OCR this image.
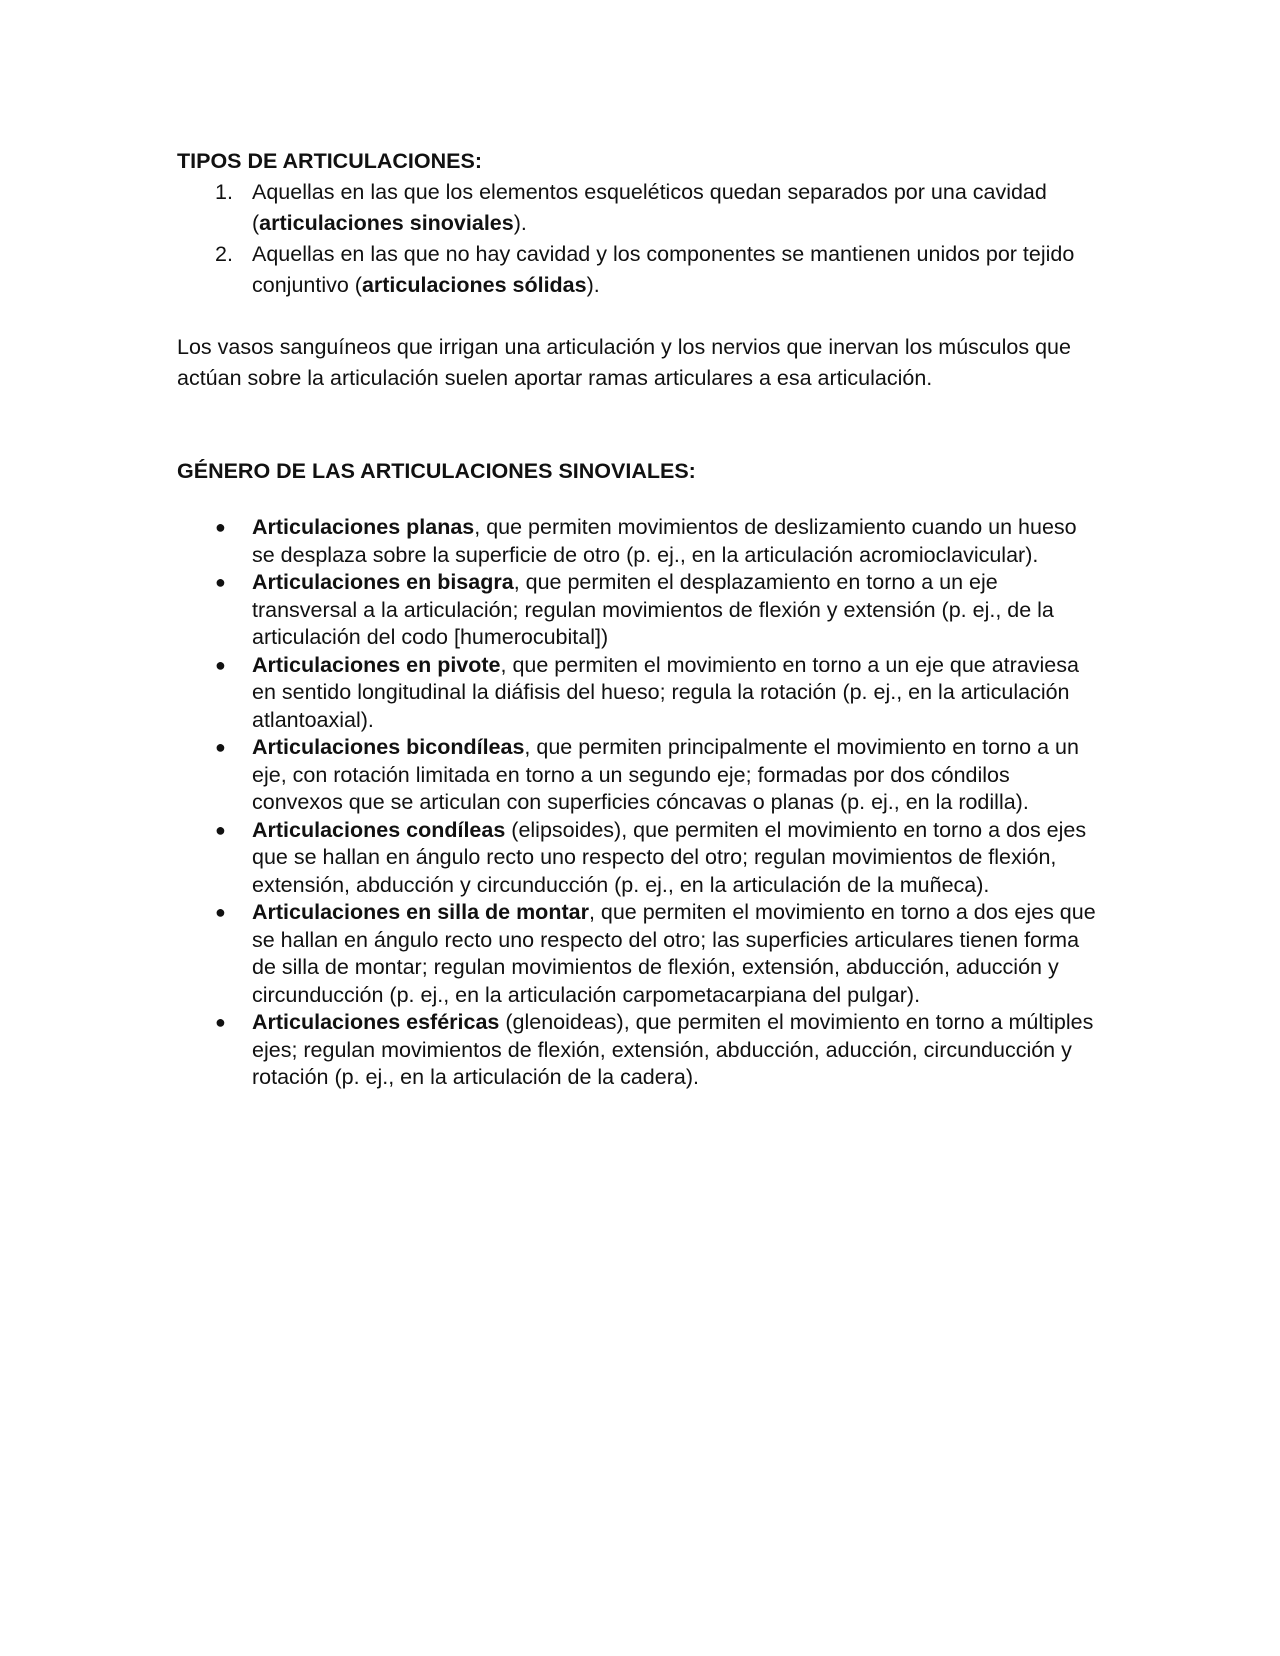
TIPOS DE ARTICULACIONES:

1. Aquellas en las que los elementos esqueléticos quedan separados por una cavidad (articulaciones sinoviales).
2. Aquellas en las que no hay cavidad y los componentes se mantienen unidos por tejido conjuntivo (articulaciones sólidas).

Los vasos sanguíneos que irrigan una articulación y los nervios que inervan los músculos que actúan sobre la articulación suelen aportar ramas articulares a esa articulación.

GÉNERO DE LAS ARTICULACIONES SINOVIALES:

● Articulaciones planas, que permiten movimientos de deslizamiento cuando un hueso se desplaza sobre la superficie de otro (p. ej., en la articulación acromioclavicular).
● Articulaciones en bisagra, que permiten el desplazamiento en torno a un eje transversal a la articulación; regulan movimientos de flexión y extensión (p. ej., de la articulación del codo [humerocubital])
● Articulaciones en pivote, que permiten el movimiento en torno a un eje que atraviesa en sentido longitudinal la diáfisis del hueso; regula la rotación (p. ej., en la articulación atlantoaxial).
● Articulaciones bicondíleas, que permiten principalmente el movimiento en torno a un eje, con rotación limitada en torno a un segundo eje; formadas por dos cóndilos convexos que se articulan con superficies cóncavas o planas (p. ej., en la rodilla).
● Articulaciones condíleas (elipsoides), que permiten el movimiento en torno a dos ejes que se hallan en ángulo recto uno respecto del otro; regulan movimientos de flexión, extensión, abducción y circunducción (p. ej., en la articulación de la muñeca).
● Articulaciones en silla de montar, que permiten el movimiento en torno a dos ejes que se hallan en ángulo recto uno respecto del otro; las superficies articulares tienen forma de silla de montar; regulan movimientos de flexión, extensión, abducción, aducción y circunducción (p. ej., en la articulación carpometacarpiana del pulgar).
● Articulaciones esféricas (glenoideas), que permiten el movimiento en torno a múltiples ejes; regulan movimientos de flexión, extensión, abducción, aducción, circunducción y rotación (p. ej., en la articulación de la cadera).
